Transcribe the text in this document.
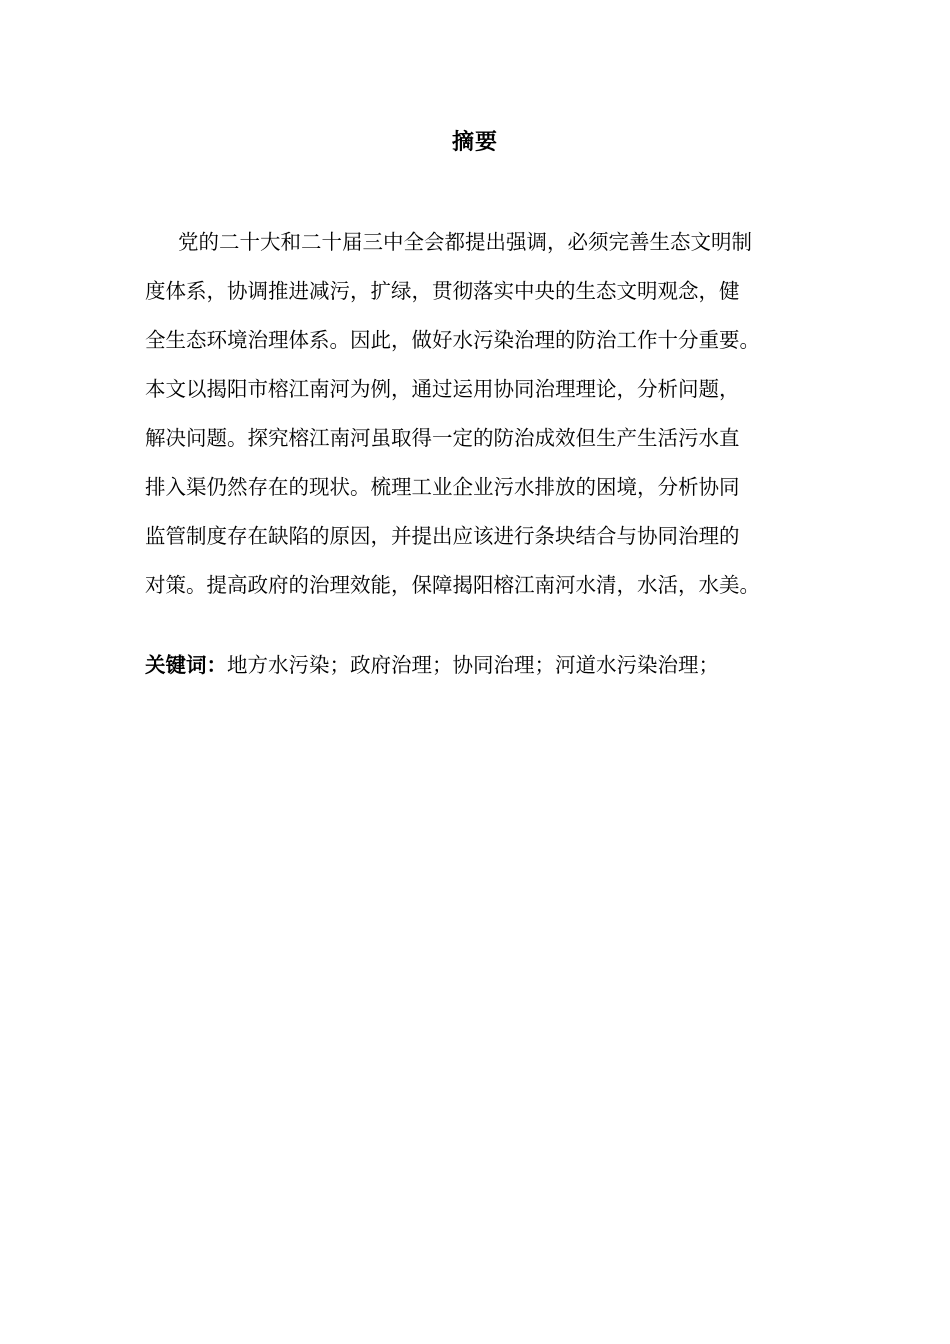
摘要
党的二十大和二十届三中全会都提出强调，必须完善生态文明制
度体系，协调推进减污，扩绿，贯彻落实中央的生态文明观念，健
全生态环境治理体系。因此，做好水污染治理的防治工作十分重要。
本文以揭阳市榕江南河为例，通过运用协同治理理论，分析问题，
解决问题。探究榕江南河虽取得一定的防治成效但生产生活污水直
排入渠仍然存在的现状。梳理工业企业污水排放的困境，分析协同
监管制度存在缺陷的原因，并提出应该进行条块结合与协同治理的
对策。提高政府的治理效能，保障揭阳榕江南河水清，水活，水美。
关键词：地方水污染；政府治理；协同治理；河道水污染治理；
